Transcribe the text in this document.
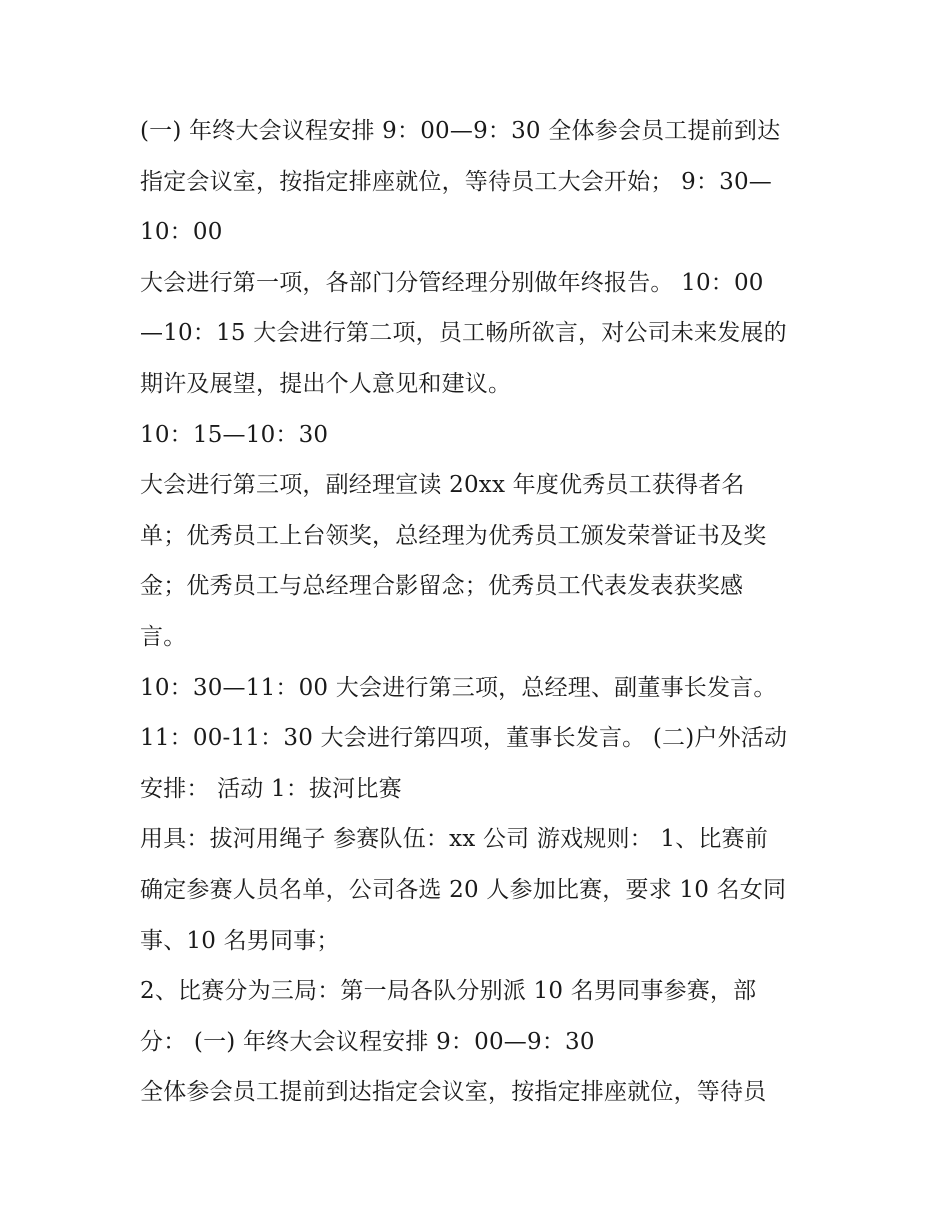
(一) 年终大会议程安排 9：00—9：30 全体参会员工提前到达
指定会议室，按指定排座就位，等待员工大会开始； 9：30—
10：00
大会进行第一项，各部门分管经理分别做年终报告。 10：00
—10：15 大会进行第二项，员工畅所欲言，对公司未来发展的
期许及展望，提出个人意见和建议。
10：15—10：30
大会进行第三项，副经理宣读 20xx 年度优秀员工获得者名
单；优秀员工上台领奖，总经理为优秀员工颁发荣誉证书及奖
金；优秀员工与总经理合影留念；优秀员工代表发表获奖感
言。
10：30—11：00 大会进行第三项，总经理、副董事长发言。
11：00-11：30 大会进行第四项，董事长发言。 (二)户外活动
安排： 活动 1：拔河比赛
用具：拔河用绳子 参赛队伍：xx 公司 游戏规则： 1、比赛前
确定参赛人员名单，公司各选 20 人参加比赛，要求 10 名女同
事、10 名男同事；
2、比赛分为三局：第一局各队分别派 10 名男同事参赛，部
分： (一) 年终大会议程安排 9：00—9：30
全体参会员工提前到达指定会议室，按指定排座就位，等待员
